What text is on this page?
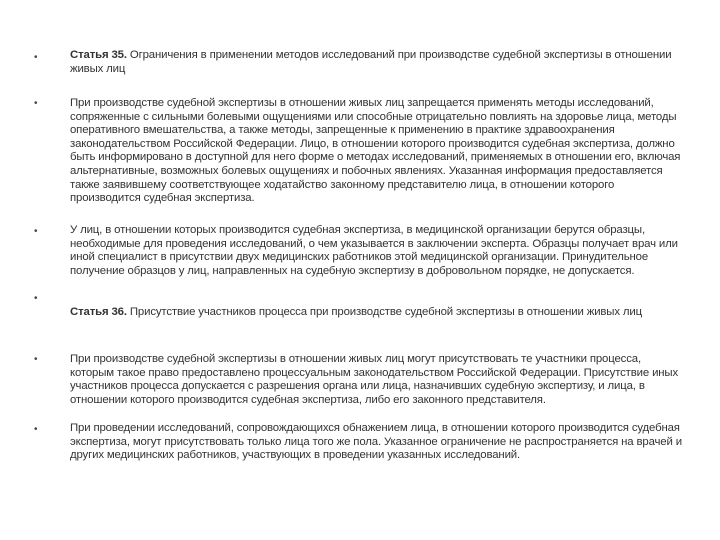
•
•
•
•
•
•
Статья 35. Ограничения в применении методов исследований при производстве судебной экспертизы в отношении живых лиц
При производстве судебной экспертизы в отношении живых лиц запрещается применять методы исследований, сопряженные с сильными болевыми ощущениями или способные отрицательно повлиять на здоровье лица, методы оперативного вмешательства, а также методы, запрещенные к применению в практике здравоохранения законодательством Российской Федерации. Лицо, в отношении которого производится судебная экспертиза, должно быть информировано в доступной для него форме о методах исследований, применяемых в отношении его, включая альтернативные, возможных болевых ощущениях и побочных явлениях. Указанная информация предоставляется также заявившему соответствующее ходатайство законному представителю лица, в отношении которого производится судебная экспертиза.
У лиц, в отношении которых производится судебная экспертиза, в медицинской организации берутся образцы, необходимые для проведения исследований, о чем указывается в заключении эксперта. Образцы получает врач или иной специалист в присутствии двух медицинских работников этой медицинской организации. Принудительное получение образцов у лиц, направленных на судебную экспертизу в добровольном порядке, не допускается.
Статья 36. Присутствие участников процесса при производстве судебной экспертизы в отношении живых лиц
При производстве судебной экспертизы в отношении живых лиц могут присутствовать те участники процесса, которым такое право предоставлено процессуальным законодательством Российской Федерации. Присутствие иных участников процесса допускается с разрешения органа или лица, назначивших судебную экспертизу, и лица, в отношении которого производится судебная экспертиза, либо его законного представителя.
При проведении исследований, сопровождающихся обнажением лица, в отношении которого производится судебная экспертиза, могут присутствовать только лица того же пола. Указанное ограничение не распространяется на врачей и других медицинских работников, участвующих в проведении указанных исследований.
